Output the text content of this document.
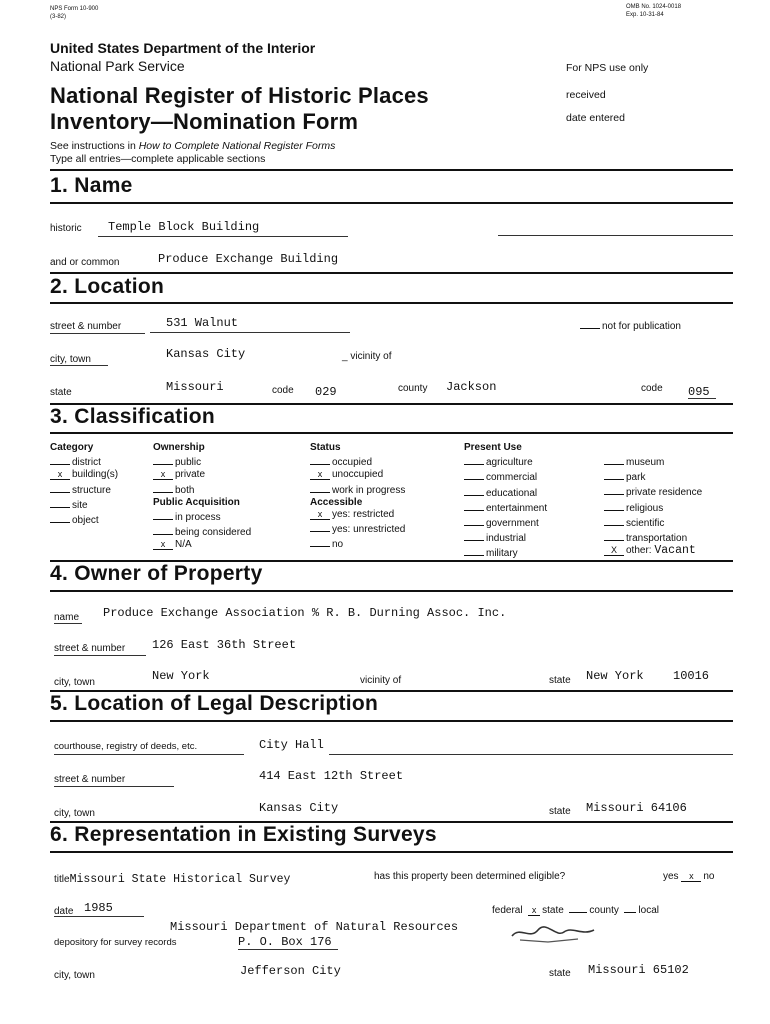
NPS Form 10-900
(3-82)
OMB No. 1024-0018
Exp. 10-31-84
United States Department of the Interior
National Park Service
National Register of Historic Places
Inventory—Nomination Form
For NPS use only
received
date entered
See instructions in How to Complete National Register Forms
Type all entries—complete applicable sections
1. Name
historic Temple Block Building
and or common	Produce Exchange Building
2. Location
street & number	531 Walnut	not for publication
city, town	Kansas City	_ vicinity of
state	Missouri	code 029	county Jackson	code 095
3. Classification
Category
district
x building(s)
structure
site
object
Ownership
public
x private
both
Public Acquisition
in process
being considered
x N/A
Status
occupied
x unoccupied
work in progress
Accessible
x yes: restricted
yes: unrestricted
no
Present Use
agriculture
commercial
educational
entertainment
government
industrial
military
museum
park
private residence
religious
scientific
transportation
X other: Vacant
4. Owner of Property
name Produce Exchange Association % R. B. Durning Assoc. Inc.
street & number 126 East 36th Street
city, town	New York	vicinity of	state New York 10016
5. Location of Legal Description
courthouse, registry of deeds, etc.	City Hall
street & number	414 East 12th Street
city, town	Kansas City	state Missouri 64106
6. Representation in Existing Surveys
titleMissouri State Historical Survey	has this property been determined eligible?	yes x no
date 1985	federal x state	county local
Missouri Department of Natural Resources
depository for survey records	P. O. Box 176
city, town	Jefferson City	state Missouri 65102
